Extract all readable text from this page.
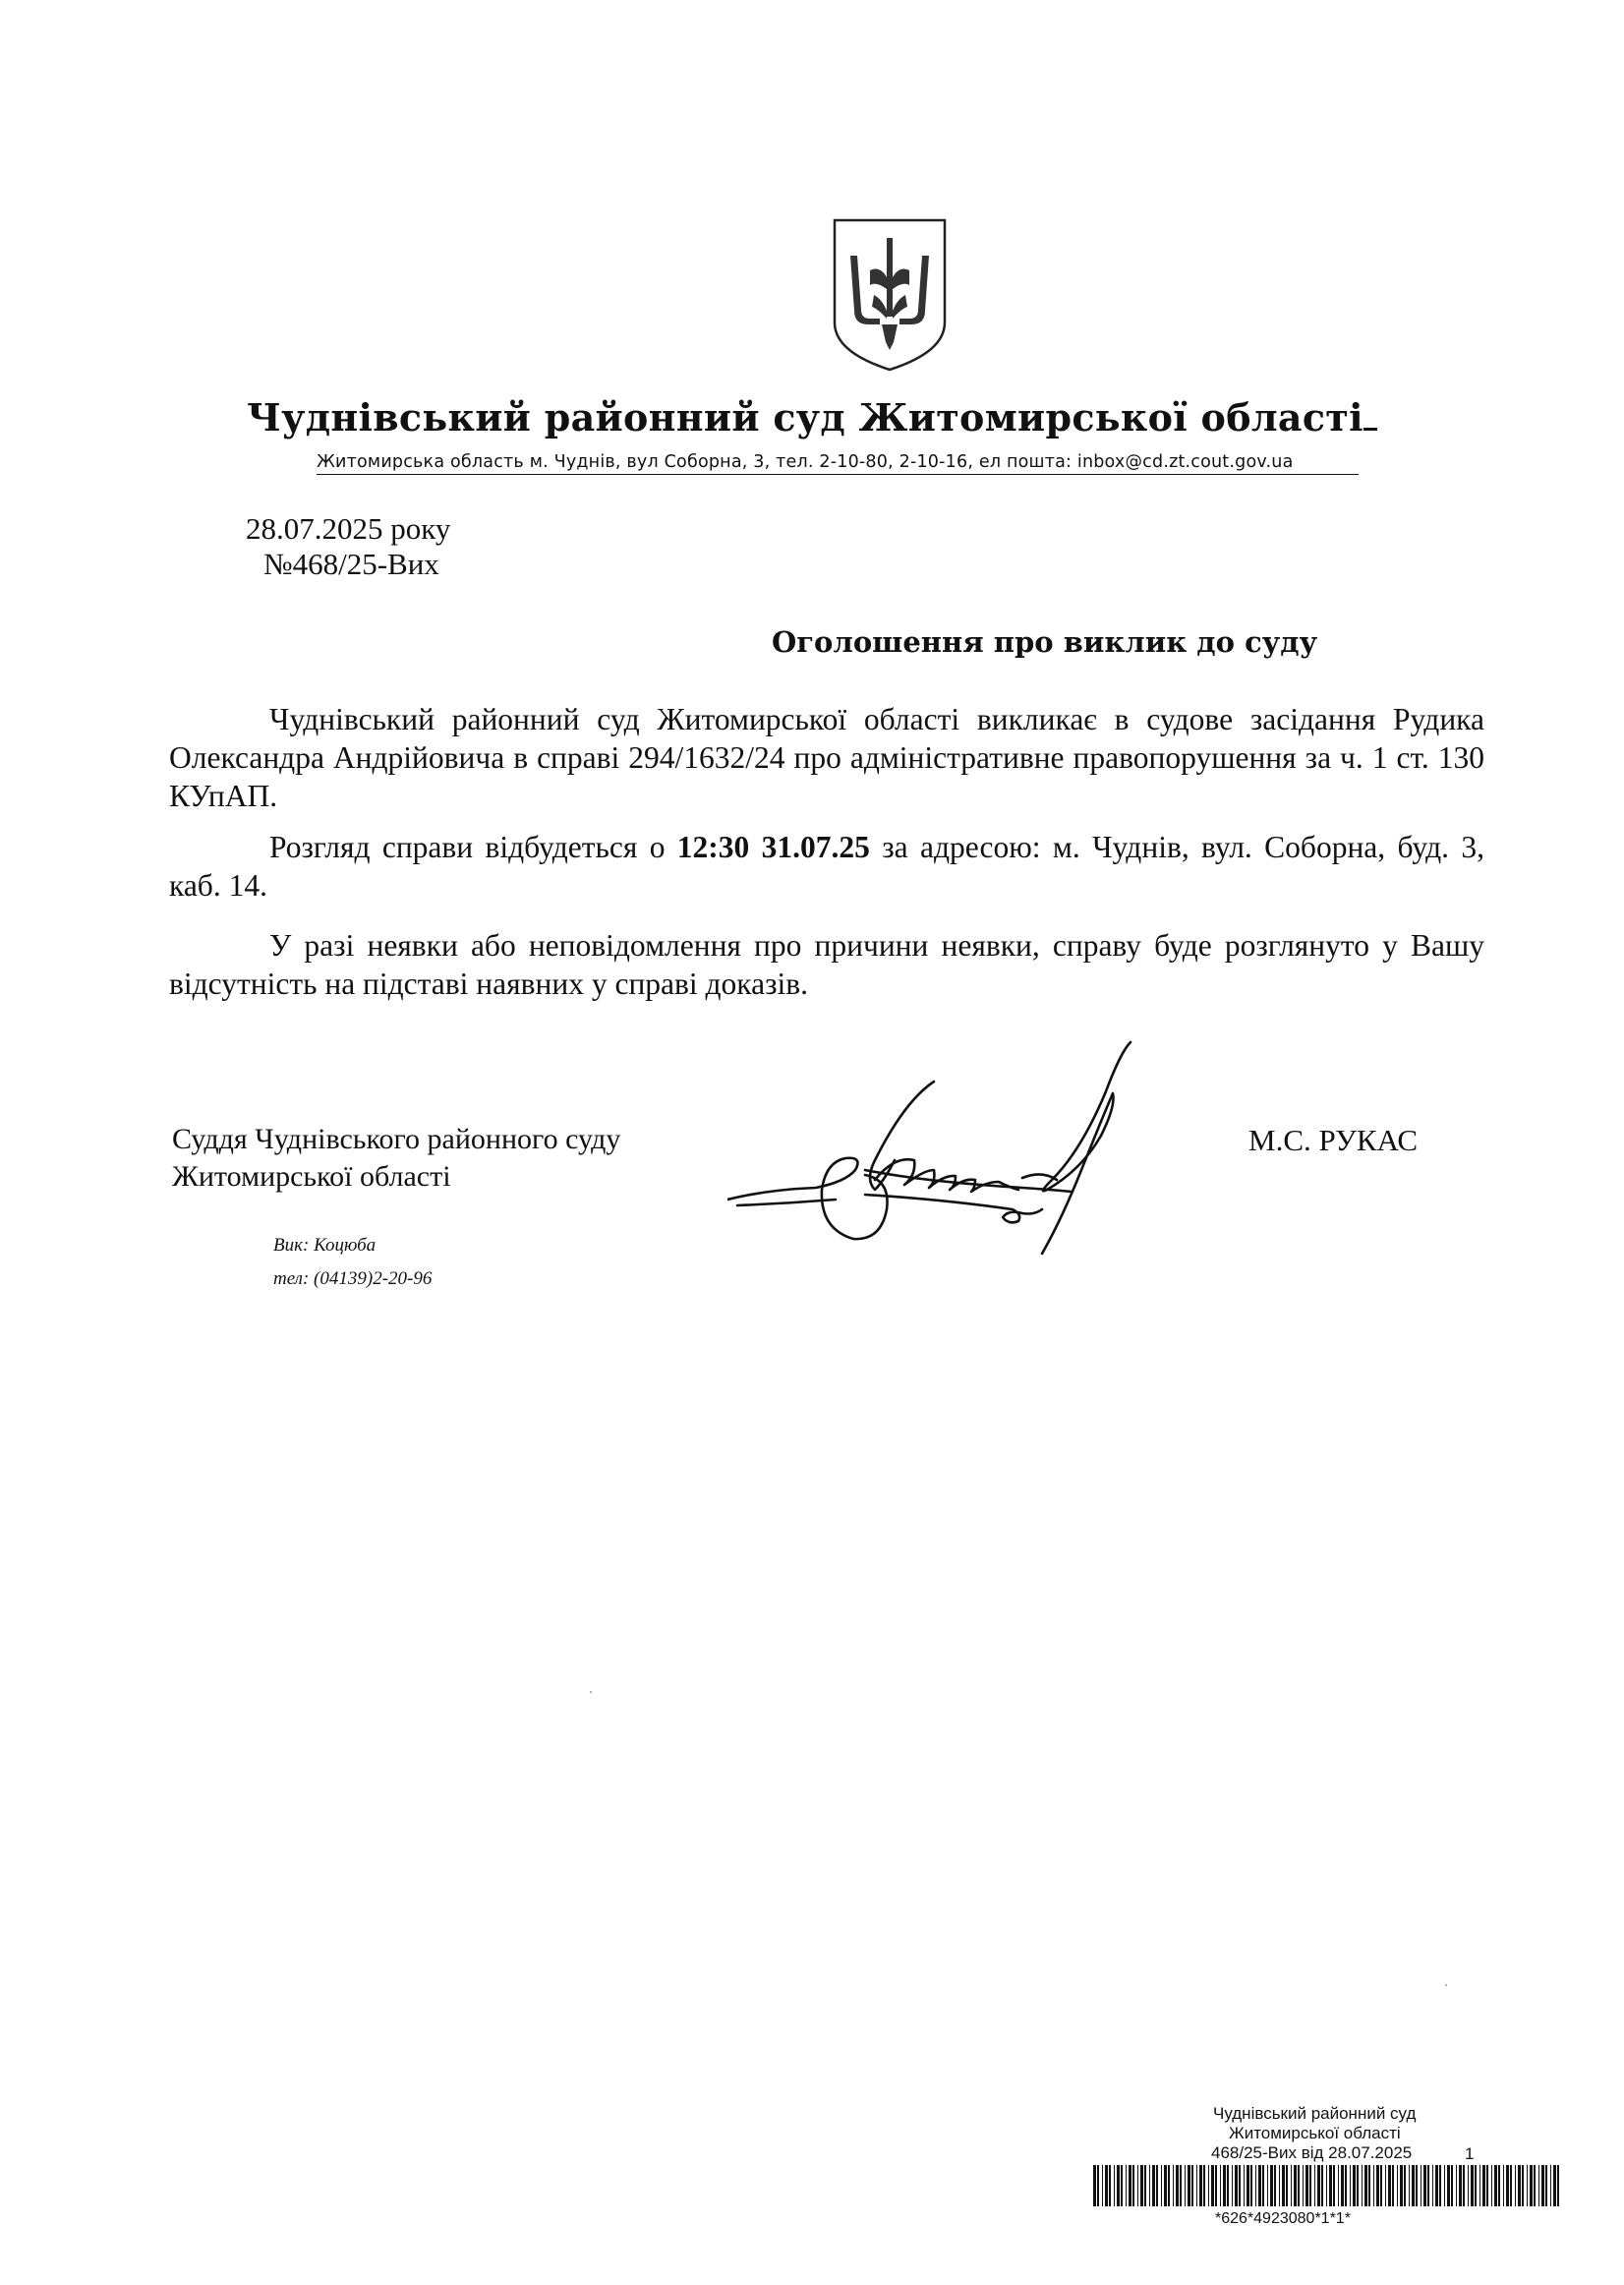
Чуднівський районний суд Житомирської області
Житомирська область м. Чуднів, вул Соборна, 3, тел. 2-10-80, 2-10-16, ел пошта: inbox@cd.zt.cout.gov.ua
28.07.2025 року
№468/25-Вих
Оголошення про виклик до суду

Чуднівський районний суд Житомирської області викликає в судове засідання Рудика Олександра Андрійовича в справі 294/1632/24 про адміністративне правопорушення за ч. 1 ст. 130 КУпАП.

Розгляд справи відбудеться о 12:30 31.07.25 за адресою: м. Чуднів, вул. Соборна, буд. 3, каб. 14.

У разі неявки або неповідомлення про причини неявки, справу буде розглянуто у Вашу відсутність на підставі наявних у справі доказів.

Суддя Чуднівського районного суду
Житомирської області
М.С. РУКАС
Вик: Коцюба
тел: (04139)2-20-96
Чуднівський районний суд
Житомирської області
468/25-Вих від 28.07.2025	1
*626*4923080*1*1*
